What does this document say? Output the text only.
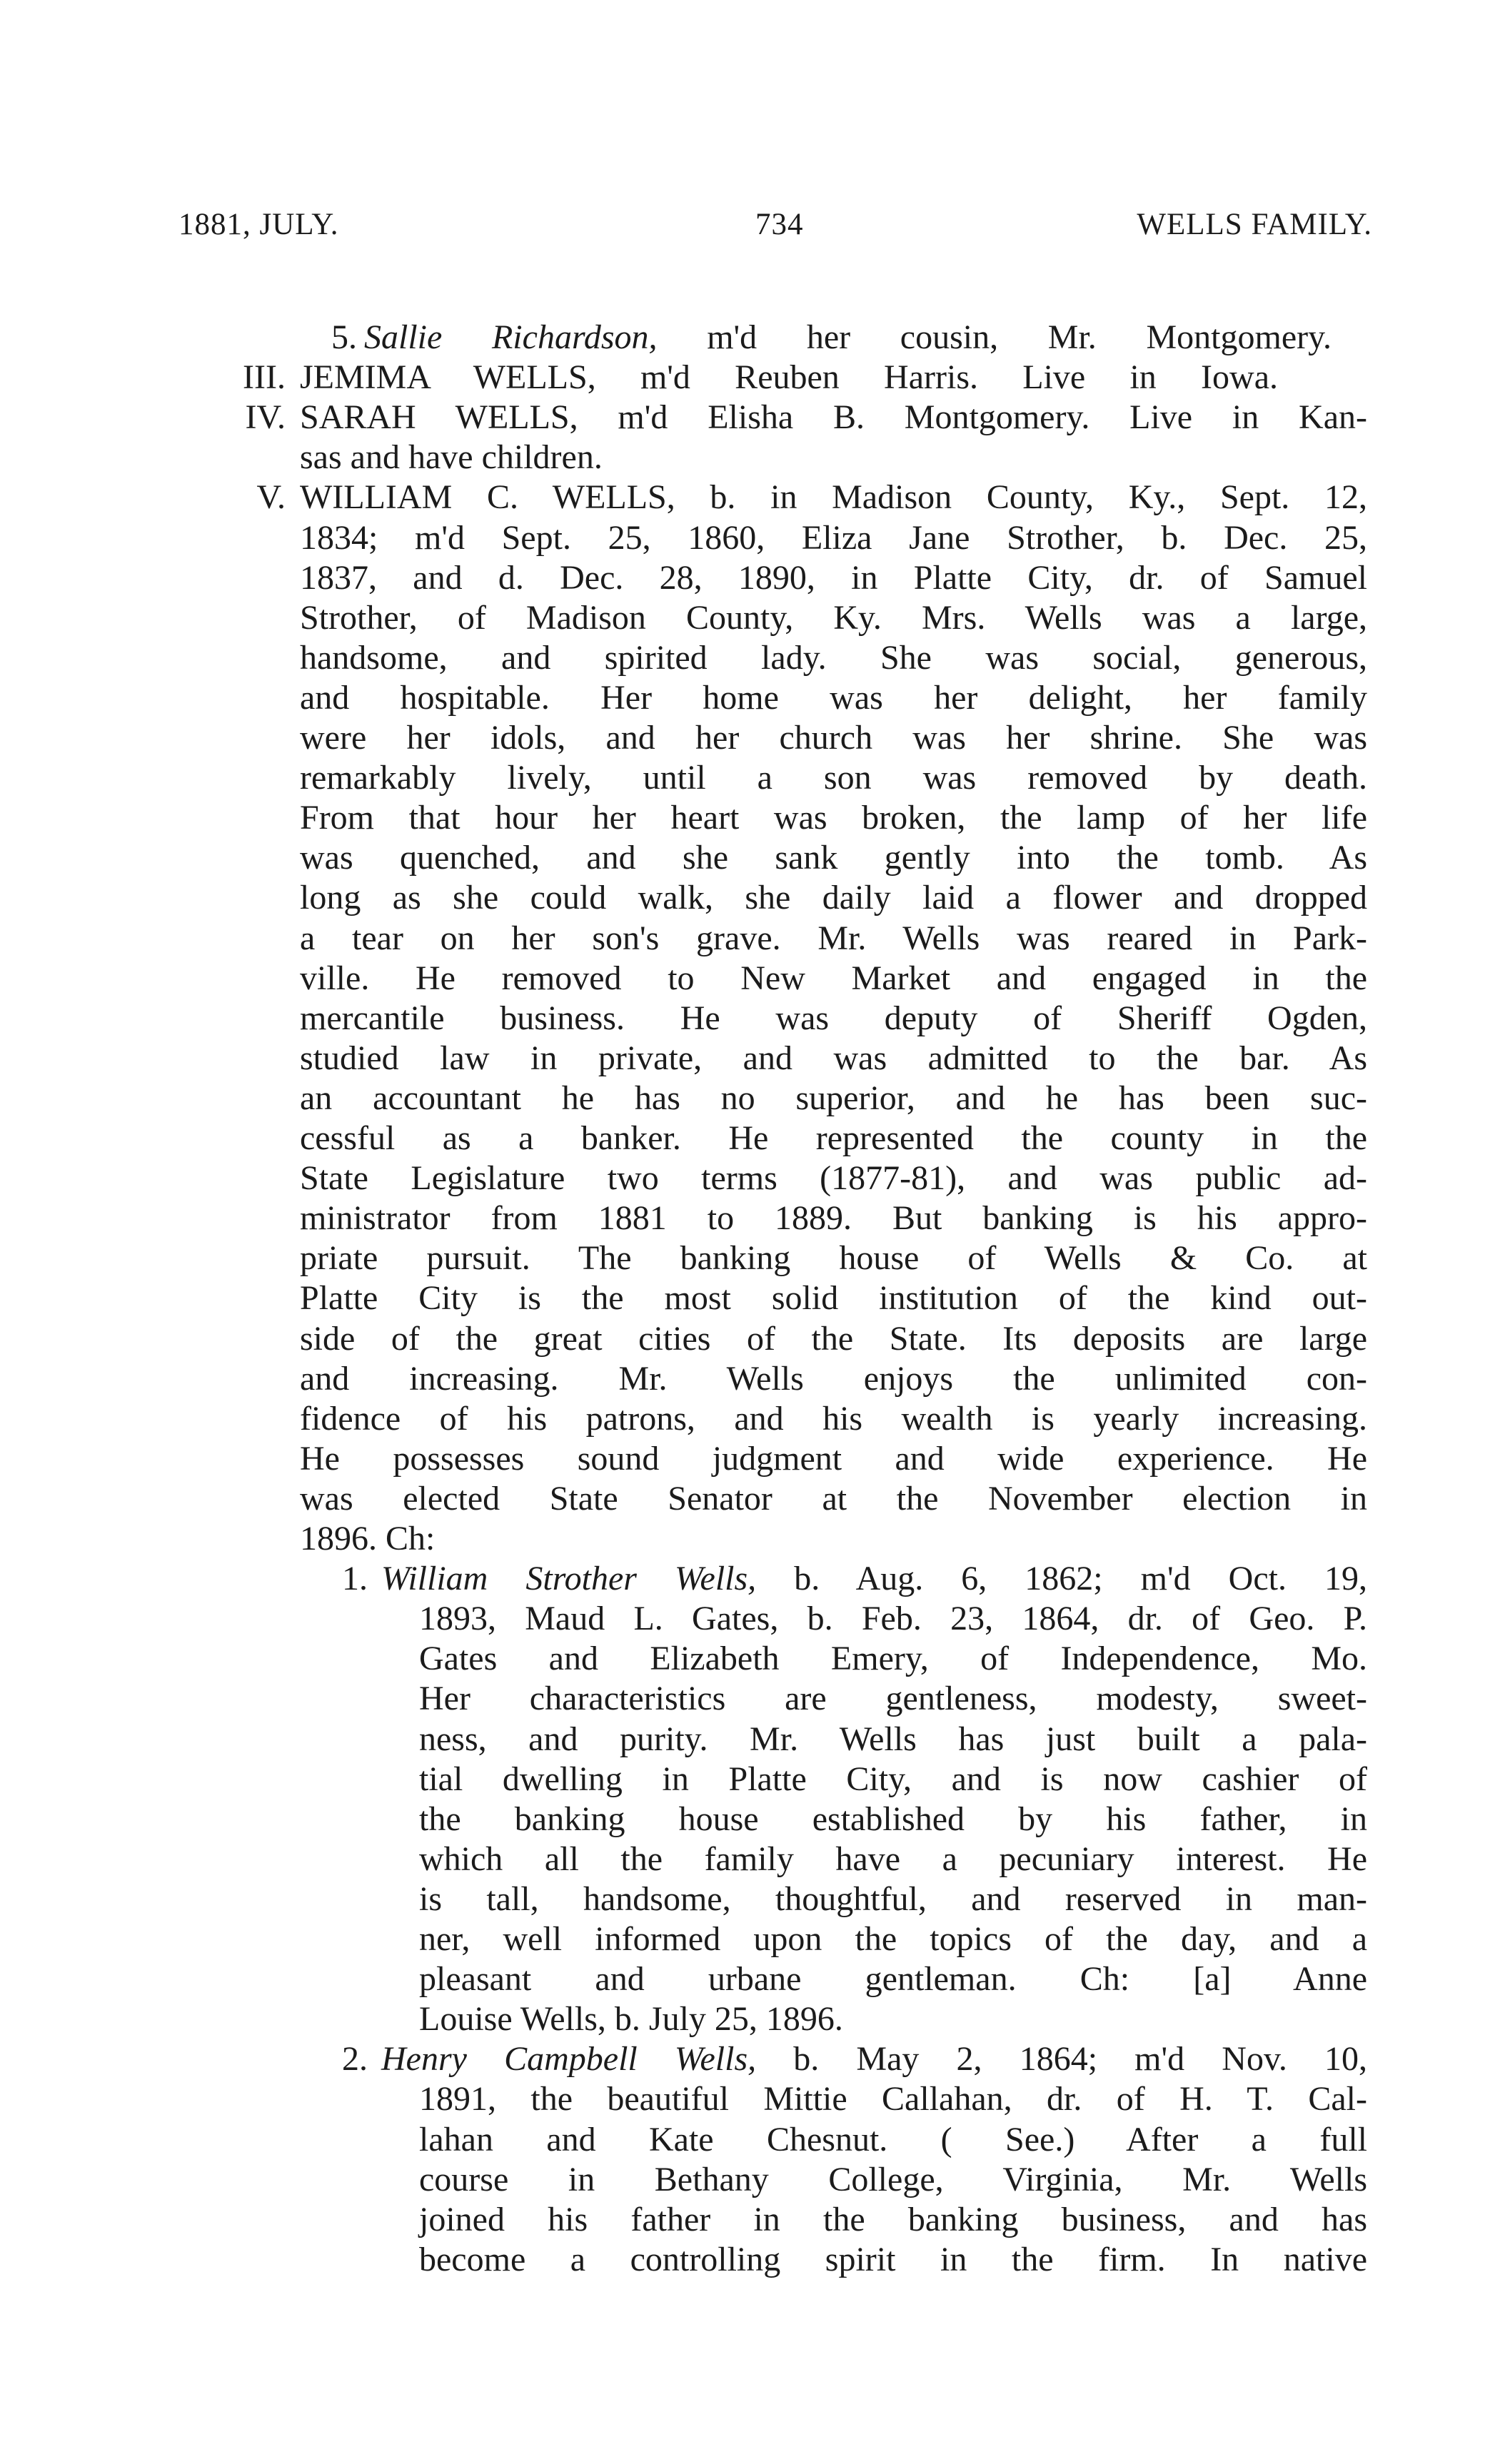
1881, JULY.	734	WELLS FAMILY.
5. Sallie Richardson, m'd her cousin, Mr. Montgomery.
III. JEMIMA WELLS, m'd Reuben Harris. Live in Iowa.
IV. SARAH WELLS, m'd Elisha B. Montgomery. Live in Kan-
sas and have children.
V. WILLIAM C. WELLS, b. in Madison County, Ky., Sept. 12,
1834; m'd Sept. 25, 1860, Eliza Jane Strother, b. Dec. 25,
1837, and d. Dec. 28, 1890, in Platte City, dr. of Samuel
Strother, of Madison County, Ky. Mrs. Wells was a large,
handsome, and spirited lady. She was social, generous,
and hospitable. Her home was her delight, her family
were her idols, and her church was her shrine. She was
remarkably lively, until a son was removed by death.
From that hour her heart was broken, the lamp of her life
was quenched, and she sank gently into the tomb. As
long as she could walk, she daily laid a flower and dropped
a tear on her son's grave. Mr. Wells was reared in Park-
ville. He removed to New Market and engaged in the
mercantile business. He was deputy of Sheriff Ogden,
studied law in private, and was admitted to the bar. As
an accountant he has no superior, and he has been suc-
cessful as a banker. He represented the county in the
State Legislature two terms (1877-81), and was public ad-
ministrator from 1881 to 1889. But banking is his appro-
priate pursuit. The banking house of Wells & Co. at
Platte City is the most solid institution of the kind out-
side of the great cities of the State. Its deposits are large
and increasing. Mr. Wells enjoys the unlimited con-
fidence of his patrons, and his wealth is yearly increasing.
He possesses sound judgment and wide experience. He
was elected State Senator at the November election in
1896. Ch:
1. William Strother Wells, b. Aug. 6, 1862; m'd Oct. 19,
1893, Maud L. Gates, b. Feb. 23, 1864, dr. of Geo. P.
Gates and Elizabeth Emery, of Independence, Mo.
Her characteristics are gentleness, modesty, sweet-
ness, and purity. Mr. Wells has just built a pala-
tial dwelling in Platte City, and is now cashier of
the banking house established by his father, in
which all the family have a pecuniary interest. He
is tall, handsome, thoughtful, and reserved in man-
ner, well informed upon the topics of the day, and a
pleasant and urbane gentleman. Ch: [a] Anne
Louise Wells, b. July 25, 1896.
2. Henry Campbell Wells, b. May 2, 1864; m'd Nov. 10,
1891, the beautiful Mittie Callahan, dr. of H. T. Cal-
lahan and Kate Chesnut. ( See.) After a full
course in Bethany College, Virginia, Mr. Wells
joined his father in the banking business, and has
become a controlling spirit in the firm. In native
